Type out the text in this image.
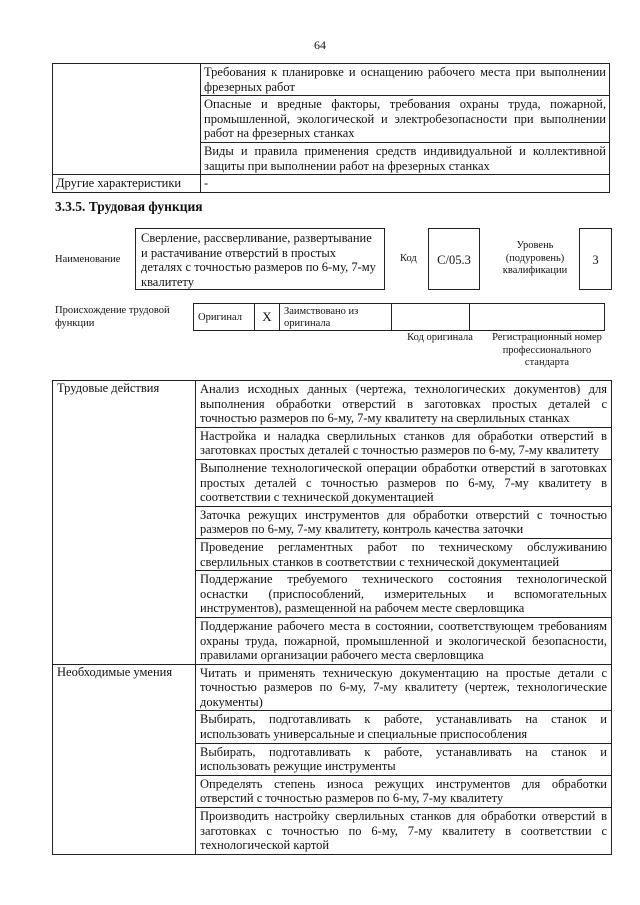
64
	Требования к планировке и оснащению рабочего места при выполнении фрезерных работ
	Опасные и вредные факторы, требования охраны труда, пожарной, промышленной, экологической и электробезопасности при выполнении работ на фрезерных станках
	Виды и правила применения средств индивидуальной и коллективной защиты при выполнении работ на фрезерных станках
Другие характеристики	-
3.3.5. Трудовая функция
Наименование
Сверление, рассверливание, развертывание и растачивание отверстий в простых деталях с точностью размеров по 6-му, 7-му квалитету
Код	C/05.3
Уровень (подуровень) квалификации
3
Происхождение трудовой функции
Оригинал	X	Заимствовано из оригинала		
Код оригинала	Регистрационный номер профессионального стандарта
Трудовые действия	Анализ исходных данных (чертежа, технологических документов) для выполнения обработки отверстий в заготовках простых деталей с точностью размеров по 6-му, 7-му квалитету на сверлильных станках
	Настройка и наладка сверлильных станков для обработки отверстий в заготовках простых деталей с точностью размеров по 6-му, 7-му квалитету
	Выполнение технологической операции обработки отверстий в заготовках простых деталей с точностью размеров по 6-му, 7-му квалитету в соответствии с технической документацией
	Заточка режущих инструментов для обработки отверстий с точностью размеров по 6-му, 7-му квалитету, контроль качества заточки
	Проведение регламентных работ по техническому обслуживанию сверлильных станков в соответствии с технической документацией
	Поддержание требуемого технического состояния технологической оснастки (приспособлений, измерительных и вспомогательных инструментов), размещенной на рабочем месте сверловщика
	Поддержание рабочего места в состоянии, соответствующем требованиям охраны труда, пожарной, промышленной и экологической безопасности, правилами организации рабочего места сверловщика
Необходимые умения	Читать и применять техническую документацию на простые детали с точностью размеров по 6-му, 7-му квалитету (чертеж, технологические документы)
	Выбирать, подготавливать к работе, устанавливать на станок и использовать универсальные и специальные приспособления
	Выбирать, подготавливать к работе, устанавливать на станок и использовать режущие инструменты
	Определять степень износа режущих инструментов для обработки отверстий с точностью размеров по 6-му, 7-му квалитету
	Производить настройку сверлильных станков для обработки отверстий в заготовках с точностью по 6-му, 7-му квалитету в соответствии с технологической картой
